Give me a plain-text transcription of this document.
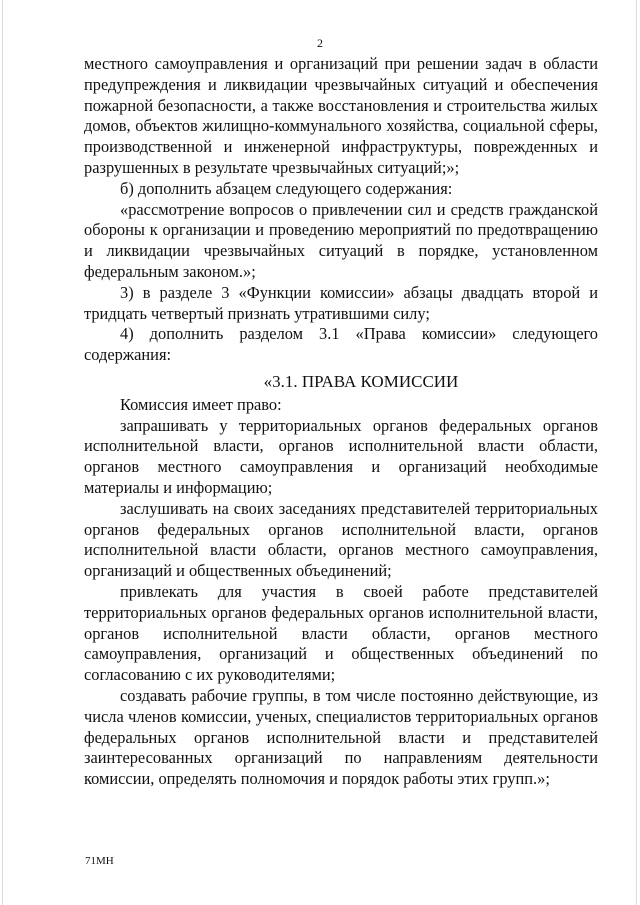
2

местного самоуправления и организаций при решении задач в области предупреждения и ликвидации чрезвычайных ситуаций и обеспечения пожарной безопасности, а также восстановления и строительства жилых домов, объектов жилищно-коммунального хозяйства, социальной сферы, производственной и инженерной инфраструктуры, поврежденных и разрушенных в результате чрезвычайных ситуаций;»;

б) дополнить абзацем следующего содержания:

«рассмотрение вопросов о привлечении сил и средств гражданской обороны к организации и проведению мероприятий по предотвращению и ликвидации чрезвычайных ситуаций в порядке, установленном федеральным законом.»;

3) в разделе 3 «Функции комиссии» абзацы двадцать второй и тридцать четвертый признать утратившими силу;

4) дополнить разделом 3.1 «Права комиссии» следующего содержания:

«3.1. ПРАВА КОМИССИИ

Комиссия имеет право:

запрашивать у территориальных органов федеральных органов исполнительной власти, органов исполнительной власти области, органов местного самоуправления и организаций необходимые материалы и информацию;

заслушивать на своих заседаниях представителей территориальных органов федеральных органов исполнительной власти, органов исполнительной власти области, органов местного самоуправления, организаций и общественных объединений;

привлекать для участия в своей работе представителей территориальных органов федеральных органов исполнительной власти, органов исполнительной власти области, органов местного самоуправления, организаций и общественных объединений по согласованию с их руководителями;

создавать рабочие группы, в том числе постоянно действующие, из числа членов комиссии, ученых, специалистов территориальных органов федеральных органов исполнительной власти и представителей заинтересованных организаций по направлениям деятельности комиссии, определять полномочия и порядок работы этих групп.»;

71МН
